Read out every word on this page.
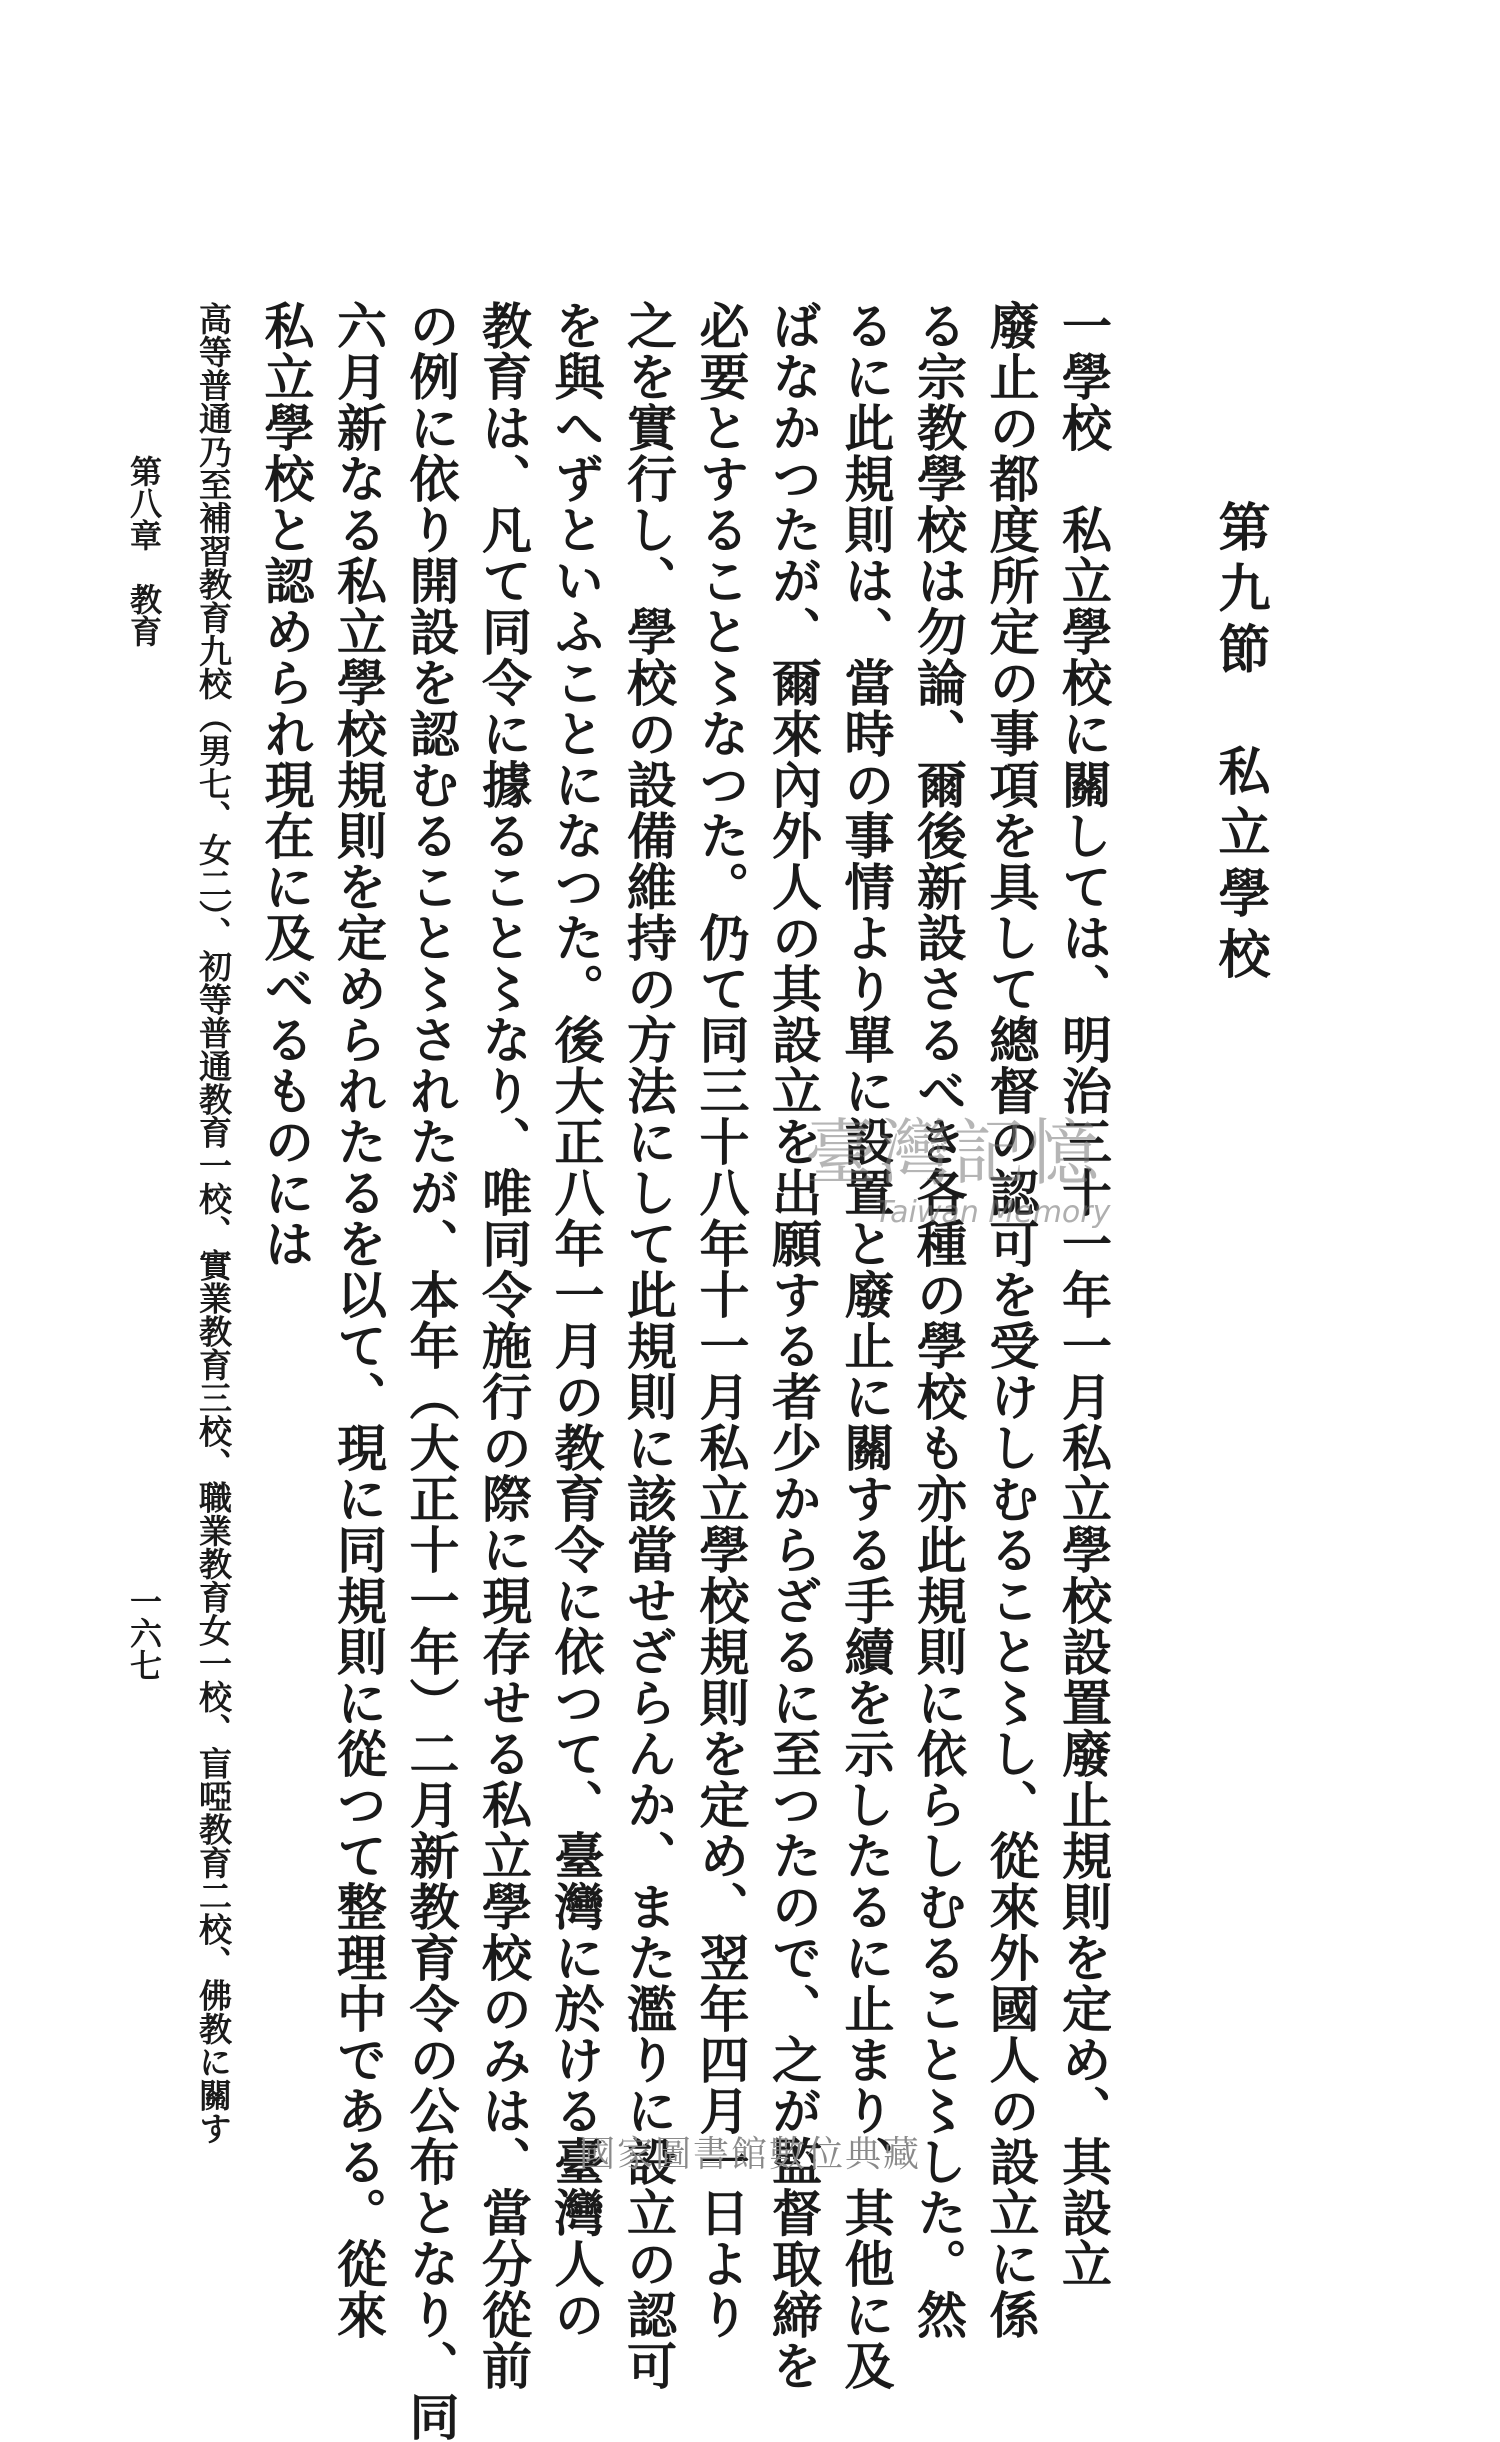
第九節　私立學校
一學校　私立學校に關しては、明治三十一年一月私立學校設置廢止規則を定め、其設立
廢止の都度所定の事項を具して總督の認可を受けしむること〻し、從來外國人の設立に係
る宗教學校は勿論、爾後新設さるべき各種の學校も亦此規則に依らしむること〻した。然
るに此規則は、當時の事情より單に設置と廢止に關する手續を示したるに止まり、其他に及
ばなかつたが、爾來內外人の其設立を出願する者少からざるに至つたので、之が監督取締を
必要とすること〻なつた。仍て同三十八年十一月私立學校規則を定め、翌年四月一日より
之を實行し、學校の設備維持の方法にして此規則に該當せざらんか、また濫りに設立の認可
を與へずといふことになつた。後大正八年一月の教育令に依つて、臺灣に於ける臺灣人の
教育は、凡て同令に據ること〻なり、唯同令施行の際に現存せる私立學校のみは、當分從前
の例に依り開設を認むること〻されたが、本年（大正十一年）二月新教育令の公布となり、同
六月新なる私立學校規則を定められたるを以て、現に同規則に從つて整理中である。從來
私立學校と認められ現在に及べるものには
高等普通乃至補習教育九校（男七、女二）、初等普通教育一校、實業教育三校、職業教育女一校、盲啞教育二校、佛教に關す
第八章　教育
一六七
臺灣記憶
Taiwan Memory
國家圖書館數位典藏
